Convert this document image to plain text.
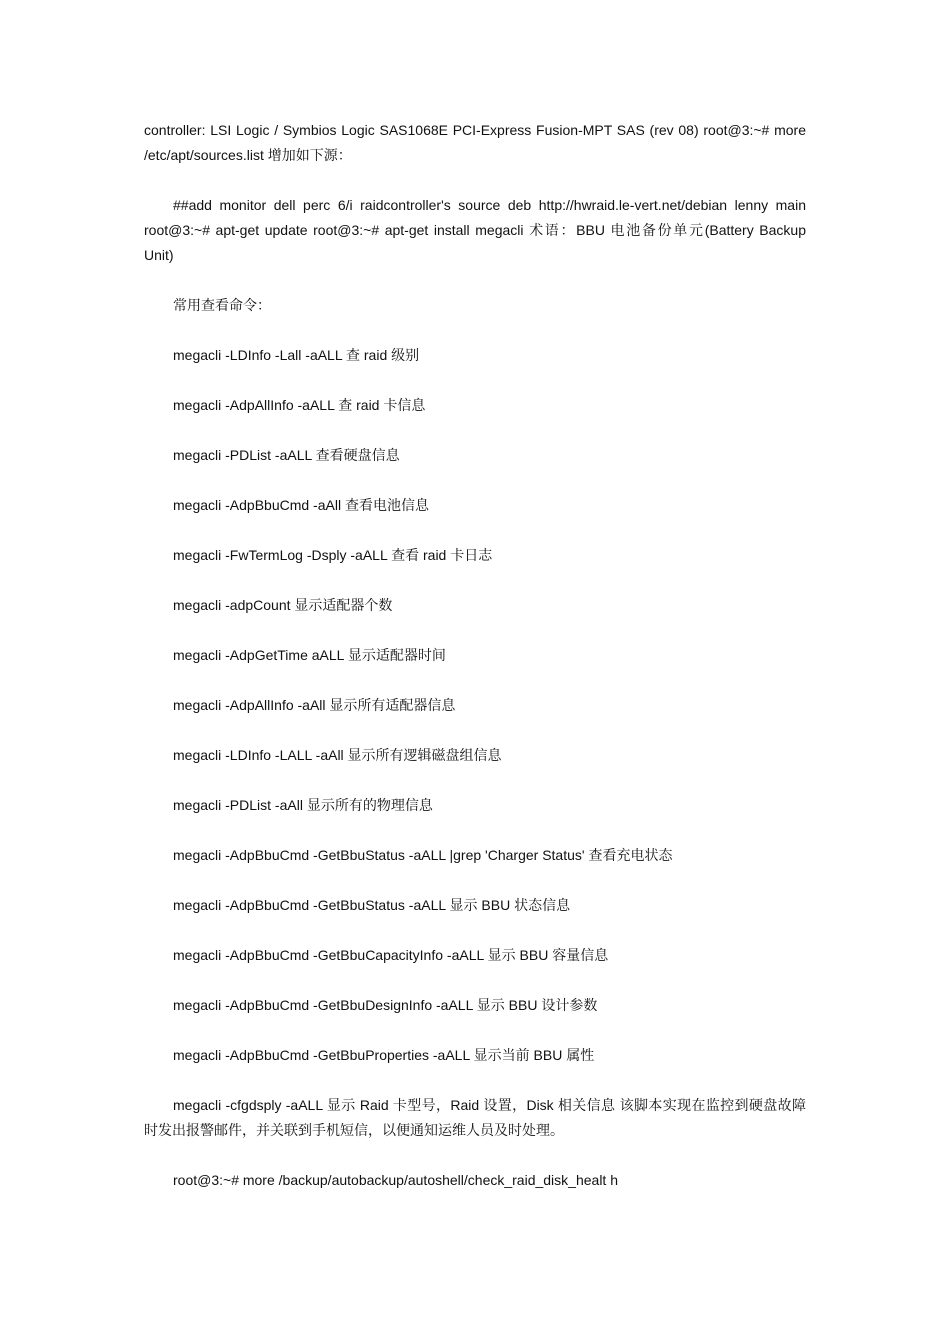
controller: LSI Logic / Symbios Logic SAS1068E PCI-Express Fusion-MPT SAS (rev 08) root@3:~# more /etc/apt/sources.list 增加如下源：

##add monitor dell perc 6/i raidcontroller's source deb http://hwraid.le-vert.net/debian lenny main root@3:~# apt-get update root@3:~# apt-get install megacli 术语：BBU 电池备份单元(Battery Backup Unit)

常用查看命令：

megacli -LDInfo -Lall -aALL 查 raid 级别

megacli -AdpAllInfo -aALL 查 raid 卡信息

megacli -PDList -aALL 查看硬盘信息

megacli -AdpBbuCmd -aAll 查看电池信息

megacli -FwTermLog -Dsply -aALL 查看 raid 卡日志

megacli -adpCount 显示适配器个数

megacli -AdpGetTime aALL 显示适配器时间

megacli -AdpAllInfo -aAll 显示所有适配器信息

megacli -LDInfo -LALL -aAll 显示所有逻辑磁盘组信息

megacli -PDList -aAll 显示所有的物理信息

megacli -AdpBbuCmd -GetBbuStatus -aALL |grep 'Charger Status' 查看充电状态

megacli -AdpBbuCmd -GetBbuStatus -aALL 显示 BBU 状态信息

megacli -AdpBbuCmd -GetBbuCapacityInfo -aALL 显示 BBU 容量信息

megacli -AdpBbuCmd -GetBbuDesignInfo -aALL 显示 BBU 设计参数

megacli -AdpBbuCmd -GetBbuProperties -aALL 显示当前 BBU 属性

megacli -cfgdsply -aALL 显示 Raid 卡型号，Raid 设置，Disk 相关信息 该脚本实现在监控到硬盘故障时发出报警邮件，并关联到手机短信，以便通知运维人员及时处理。

root@3:~# more /backup/autobackup/autoshell/check_raid_disk_healt h
